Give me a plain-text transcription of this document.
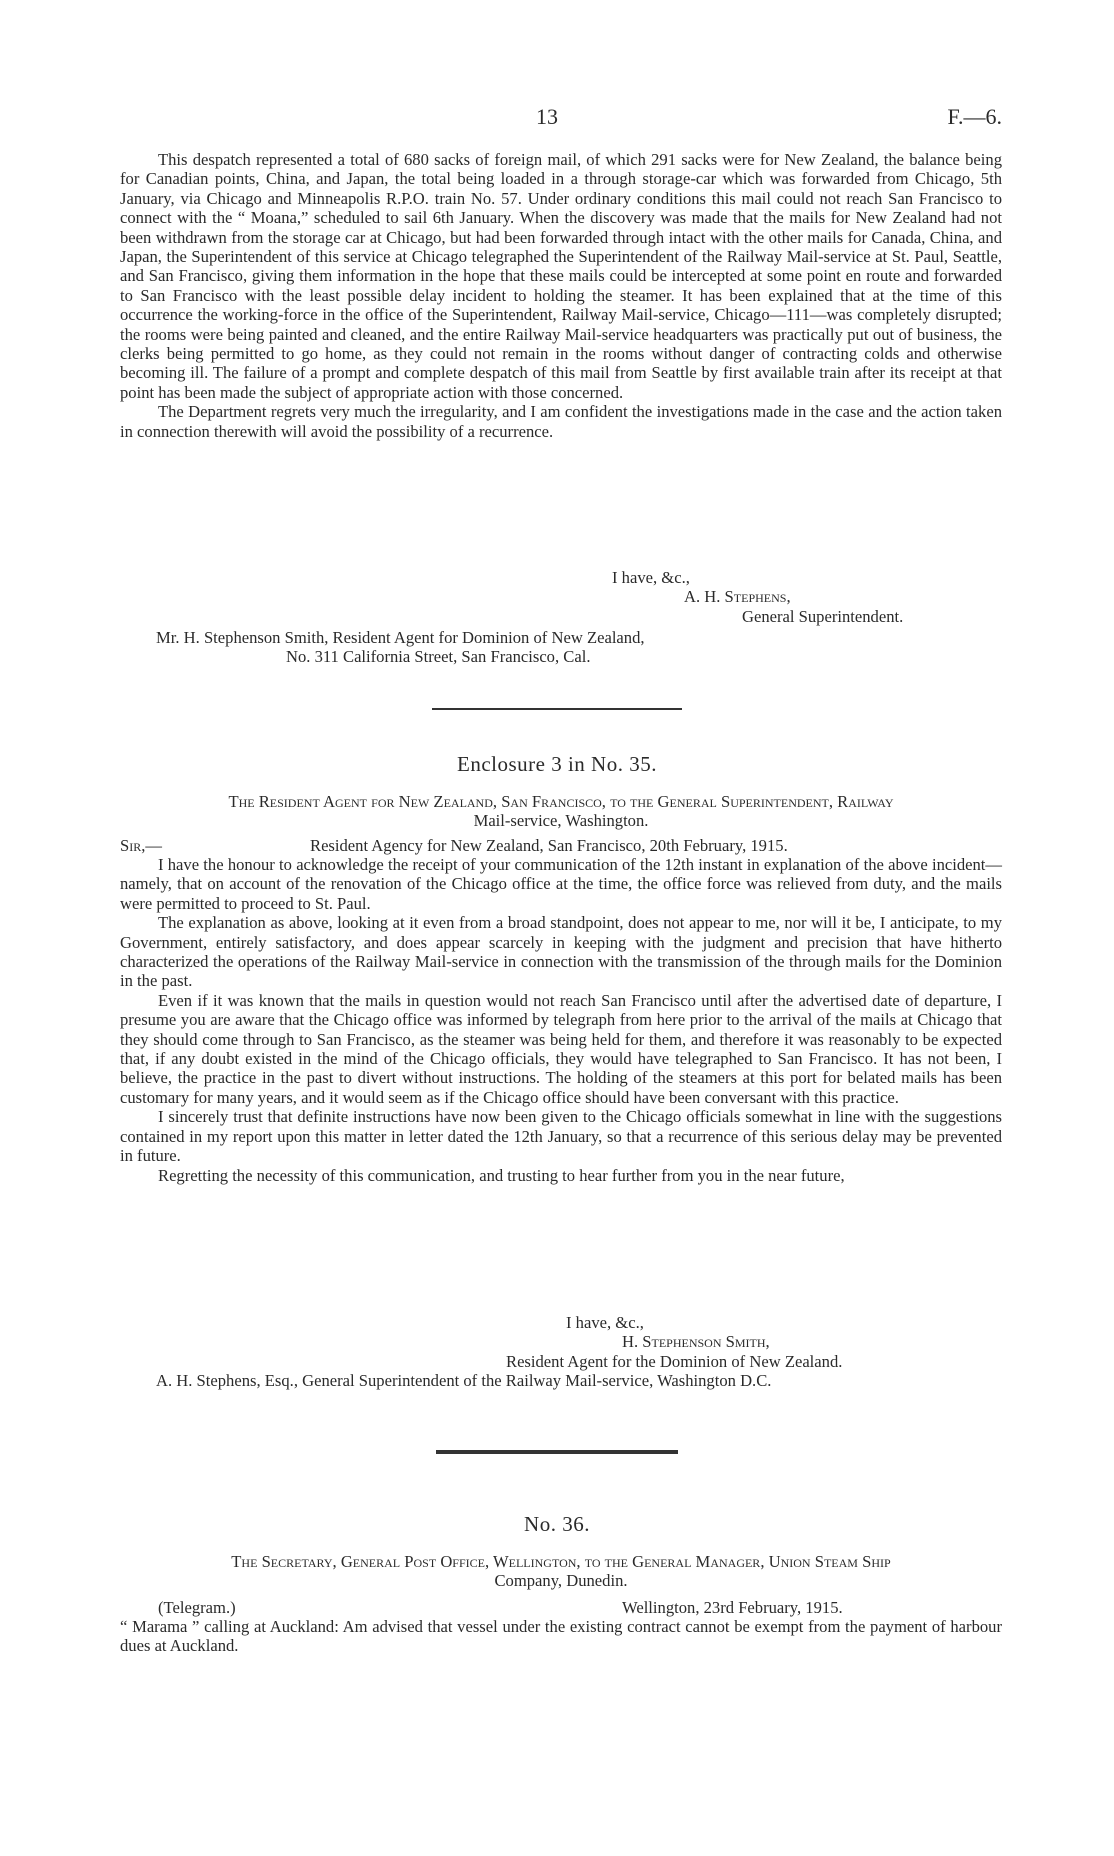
13	F.—6.

This despatch represented a total of 680 sacks of foreign mail, of which 291 sacks were for New Zealand, the balance being for Canadian points, China, and Japan, the total being loaded in a through storage-car which was forwarded from Chicago, 5th January, via Chicago and Minneapolis R.P.O. train No. 57. Under ordinary conditions this mail could not reach San Francisco to connect with the “ Moana,” scheduled to sail 6th January. When the discovery was made that the mails for New Zealand had not been withdrawn from the storage car at Chicago, but had been forwarded through intact with the other mails for Canada, China, and Japan, the Superintendent of this service at Chicago telegraphed the Superintendent of the Railway Mail-service at St. Paul, Seattle, and San Francisco, giving them information in the hope that these mails could be intercepted at some point en route and forwarded to San Francisco with the least possible delay incident to holding the steamer. It has been explained that at the time of this occurrence the working-force in the office of the Superintendent, Railway Mail-service, Chicago—111—was completely disrupted; the rooms were being painted and cleaned, and the entire Railway Mail-service headquarters was practically put out of business, the clerks being permitted to go home, as they could not remain in the rooms without danger of contracting colds and otherwise becoming ill. The failure of a prompt and complete despatch of this mail from Seattle by first available train after its receipt at that point has been made the subject of appropriate action with those concerned.

The Department regrets very much the irregularity, and I am confident the investigations made in the case and the action taken in connection therewith will avoid the possibility of a recurrence.

I have, &c.,
A. H. Stephens,
General Superintendent.
Mr. H. Stephenson Smith, Resident Agent for Dominion of New Zealand,
No. 311 California Street, San Francisco, Cal.
Enclosure 3 in No. 35.
The Resident Agent for New Zealand, San Francisco, to the General Superintendent, Railway
Mail-service, Washington.
Sir,—	Resident Agency for New Zealand, San Francisco, 20th February, 1915.

I have the honour to acknowledge the receipt of your communication of the 12th instant in explanation of the above incident—namely, that on account of the renovation of the Chicago office at the time, the office force was relieved from duty, and the mails were permitted to proceed to St. Paul.

The explanation as above, looking at it even from a broad standpoint, does not appear to me, nor will it be, I anticipate, to my Government, entirely satisfactory, and does appear scarcely in keeping with the judgment and precision that have hitherto characterized the operations of the Railway Mail-service in connection with the transmission of the through mails for the Dominion in the past.

Even if it was known that the mails in question would not reach San Francisco until after the advertised date of departure, I presume you are aware that the Chicago office was informed by telegraph from here prior to the arrival of the mails at Chicago that they should come through to San Francisco, as the steamer was being held for them, and therefore it was reasonably to be expected that, if any doubt existed in the mind of the Chicago officials, they would have telegraphed to San Francisco. It has not been, I believe, the practice in the past to divert without instructions. The holding of the steamers at this port for belated mails has been customary for many years, and it would seem as if the Chicago office should have been conversant with this practice.

I sincerely trust that definite instructions have now been given to the Chicago officials somewhat in line with the suggestions contained in my report upon this matter in letter dated the 12th January, so that a recurrence of this serious delay may be prevented in future.

Regretting the necessity of this communication, and trusting to hear further from you in the near future,

I have, &c.,
H. Stephenson Smith,
Resident Agent for the Dominion of New Zealand.
A. H. Stephens, Esq., General Superintendent of the Railway Mail-service, Washington D.C.
No. 36.
The Secretary, General Post Office, Wellington, to the General Manager, Union Steam Ship
Company, Dunedin.
(Telegram.)	Wellington, 23rd February, 1915.

“ Marama ” calling at Auckland: Am advised that vessel under the existing contract cannot be exempt from the payment of harbour dues at Auckland.
